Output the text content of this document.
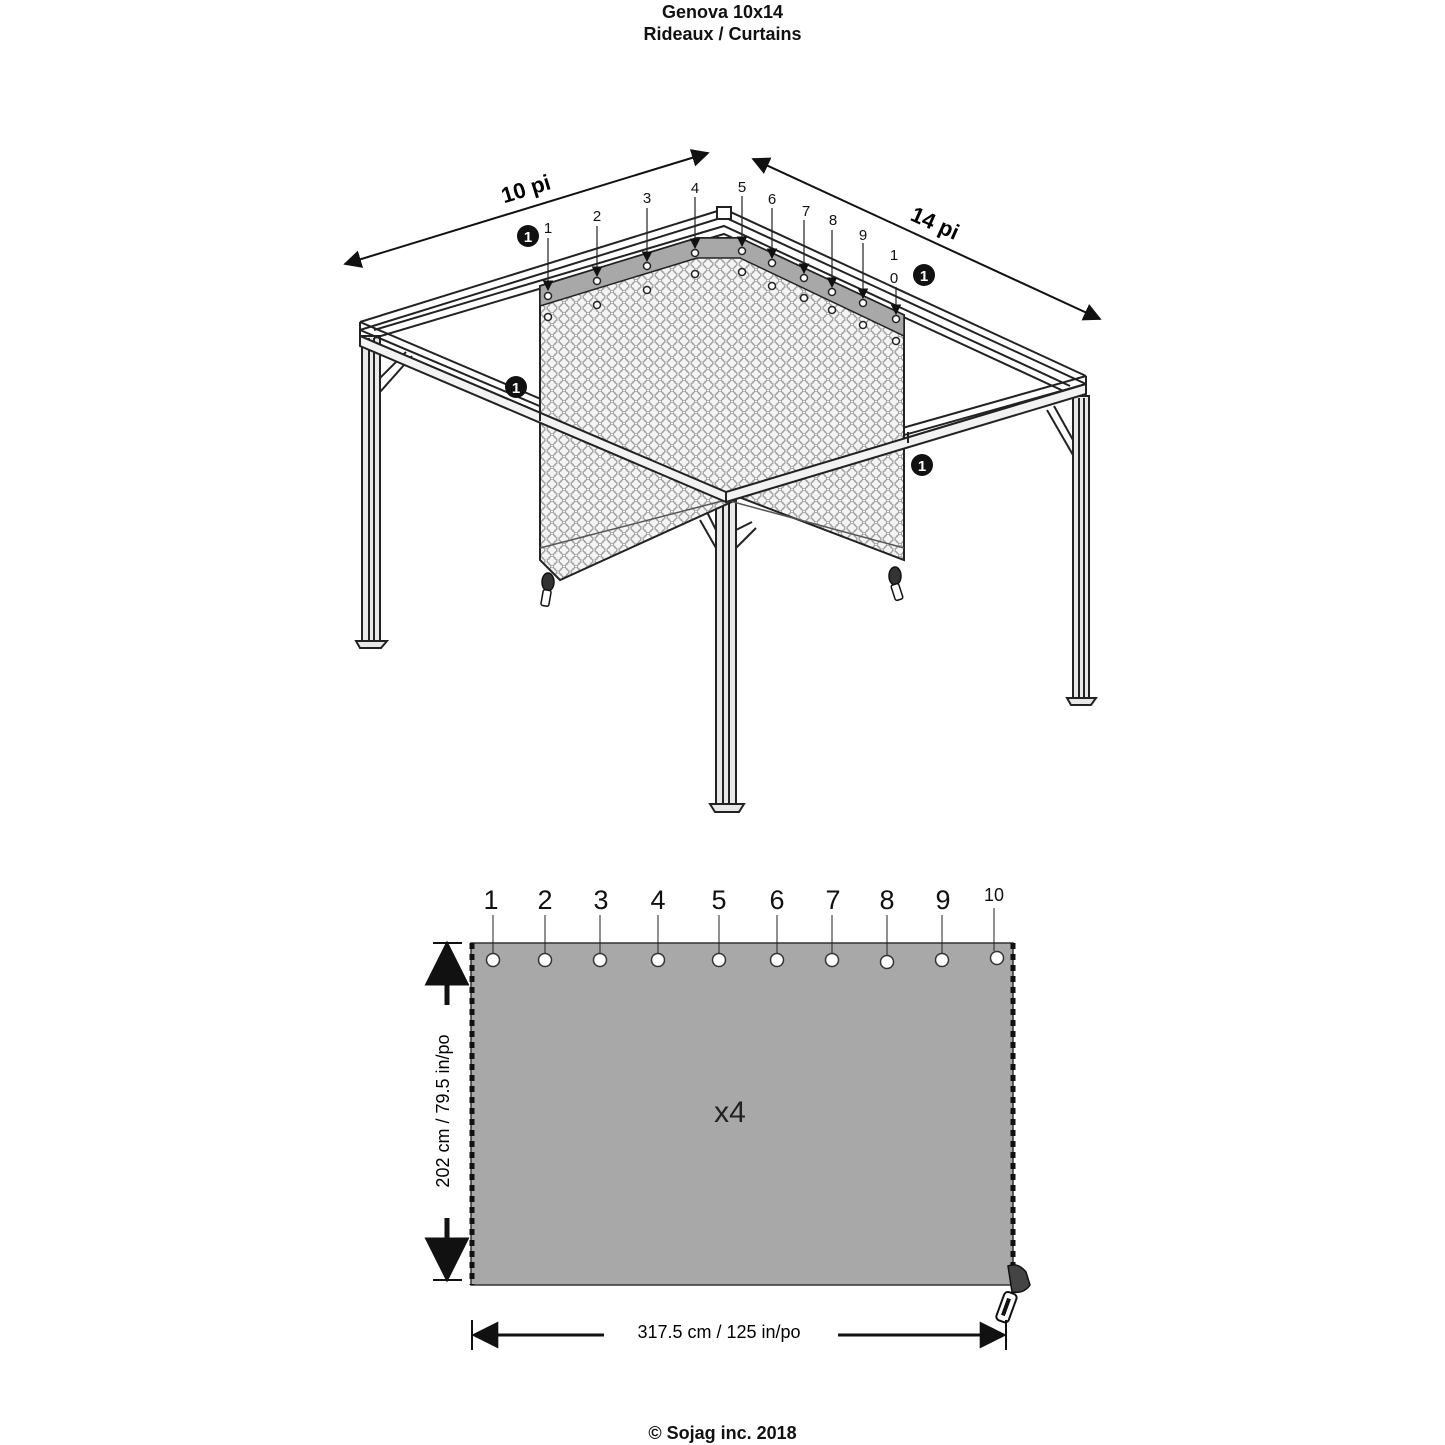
Genova 10x14
Rideaux / Curtains
1
2
3
4	5
6
7
8
9
1
0
1
1
1
1
10 pi
14 pi
1 2 3 4 5 6 7 8 9 10
x4
202 cm / 79.5 in/po
317.5 cm / 125 in/po
© Sojag inc. 2018
